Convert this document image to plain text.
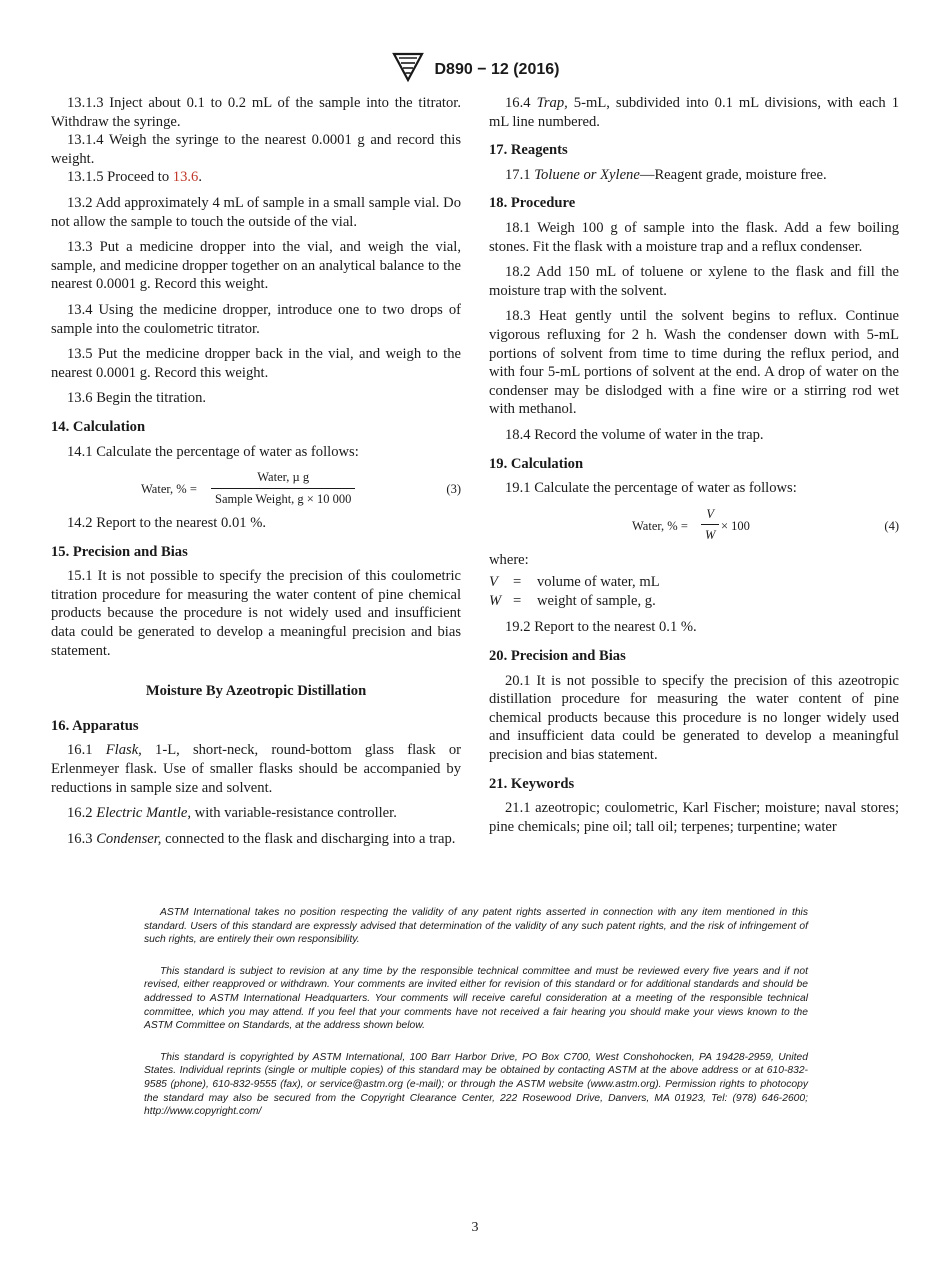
D890 − 12 (2016)

13.1.3 Inject about 0.1 to 0.2 mL of the sample into the titrator. Withdraw the syringe.

13.1.4 Weigh the syringe to the nearest 0.0001 g and record this weight.

13.1.5 Proceed to 13.6.

13.2 Add approximately 4 mL of sample in a small sample vial. Do not allow the sample to touch the outside of the vial.

13.3 Put a medicine dropper into the vial, and weigh the vial, sample, and medicine dropper together on an analytical balance to the nearest 0.0001 g. Record this weight.

13.4 Using the medicine dropper, introduce one to two drops of sample into the coulometric titrator.

13.5 Put the medicine dropper back in the vial, and weigh to the nearest 0.0001 g. Record this weight.

13.6 Begin the titration.

14. Calculation

14.1 Calculate the percentage of water as follows:

Water, % =
Water, µ g
Sample Weight, g × 10 000
(3)

14.2 Report to the nearest 0.01 %.

15. Precision and Bias

15.1 It is not possible to specify the precision of this coulometric titration procedure for measuring the water content of pine chemical products because the procedure is not widely used and insufficient data could be generated to develop a meaningful precision and bias statement.

Moisture By Azeotropic Distillation
16. Apparatus

16.1 Flask, 1-L, short-neck, round-bottom glass flask or Erlenmeyer flask. Use of smaller flasks should be accompanied by reductions in sample size and solvent.

16.2 Electric Mantle, with variable-resistance controller.

16.3 Condenser, connected to the flask and discharging into a trap.

16.4 Trap, 5-mL, subdivided into 0.1 mL divisions, with each 1 mL line numbered.

17. Reagents

17.1 Toluene or Xylene—Reagent grade, moisture free.

18. Procedure

18.1 Weigh 100 g of sample into the flask. Add a few boiling stones. Fit the flask with a moisture trap and a reflux condenser.

18.2 Add 150 mL of toluene or xylene to the flask and fill the moisture trap with the solvent.

18.3 Heat gently until the solvent begins to reflux. Continue vigorous refluxing for 2 h. Wash the condenser down with 5-mL portions of solvent from time to time during the reflux period, and with four 5-mL portions of solvent at the end. A drop of water on the condenser may be dislodged with a fine wire or a stirring rod wet with methanol.

18.4 Record the volume of water in the trap.

19. Calculation

19.1 Calculate the percentage of water as follows:

Water, % = $\frac{V}{W} \times 100$	(4)
where:
V	=	volume of water, mL
W =	weight of sample, g.

19.2 Report to the nearest 0.1 %.

20. Precision and Bias

20.1 It is not possible to specify the precision of this azeotropic distillation procedure for measuring the water content of pine chemical products because this procedure is no longer widely used and insufficient data could be generated to develop a meaningful precision and bias statement.

21. Keywords

21.1 azeotropic; coulometric, Karl Fischer; moisture; naval stores; pine chemicals; pine oil; tall oil; terpenes; turpentine; water

ASTM International takes no position respecting the validity of any patent rights asserted in connection with any item mentioned in this standard. Users of this standard are expressly advised that determination of the validity of any such patent rights, and the risk of infringement of such rights, are entirely their own responsibility.

This standard is subject to revision at any time by the responsible technical committee and must be reviewed every five years and if not revised, either reapproved or withdrawn. Your comments are invited either for revision of this standard or for additional standards and should be addressed to ASTM International Headquarters. Your comments will receive careful consideration at a meeting of the responsible technical committee, which you may attend. If you feel that your comments have not received a fair hearing you should make your views known to the ASTM Committee on Standards, at the address shown below.

This standard is copyrighted by ASTM International, 100 Barr Harbor Drive, PO Box C700, West Conshohocken, PA 19428-2959, United States. Individual reprints (single or multiple copies) of this standard may be obtained by contacting ASTM at the above address or at 610-832-9585 (phone), 610-832-9555 (fax), or service@astm.org (e-mail); or through the ASTM website (www.astm.org). Permission rights to photocopy the standard may also be secured from the Copyright Clearance Center, 222 Rosewood Drive, Danvers, MA 01923, Tel: (978) 646-2600; http://www.copyright.com/

3
